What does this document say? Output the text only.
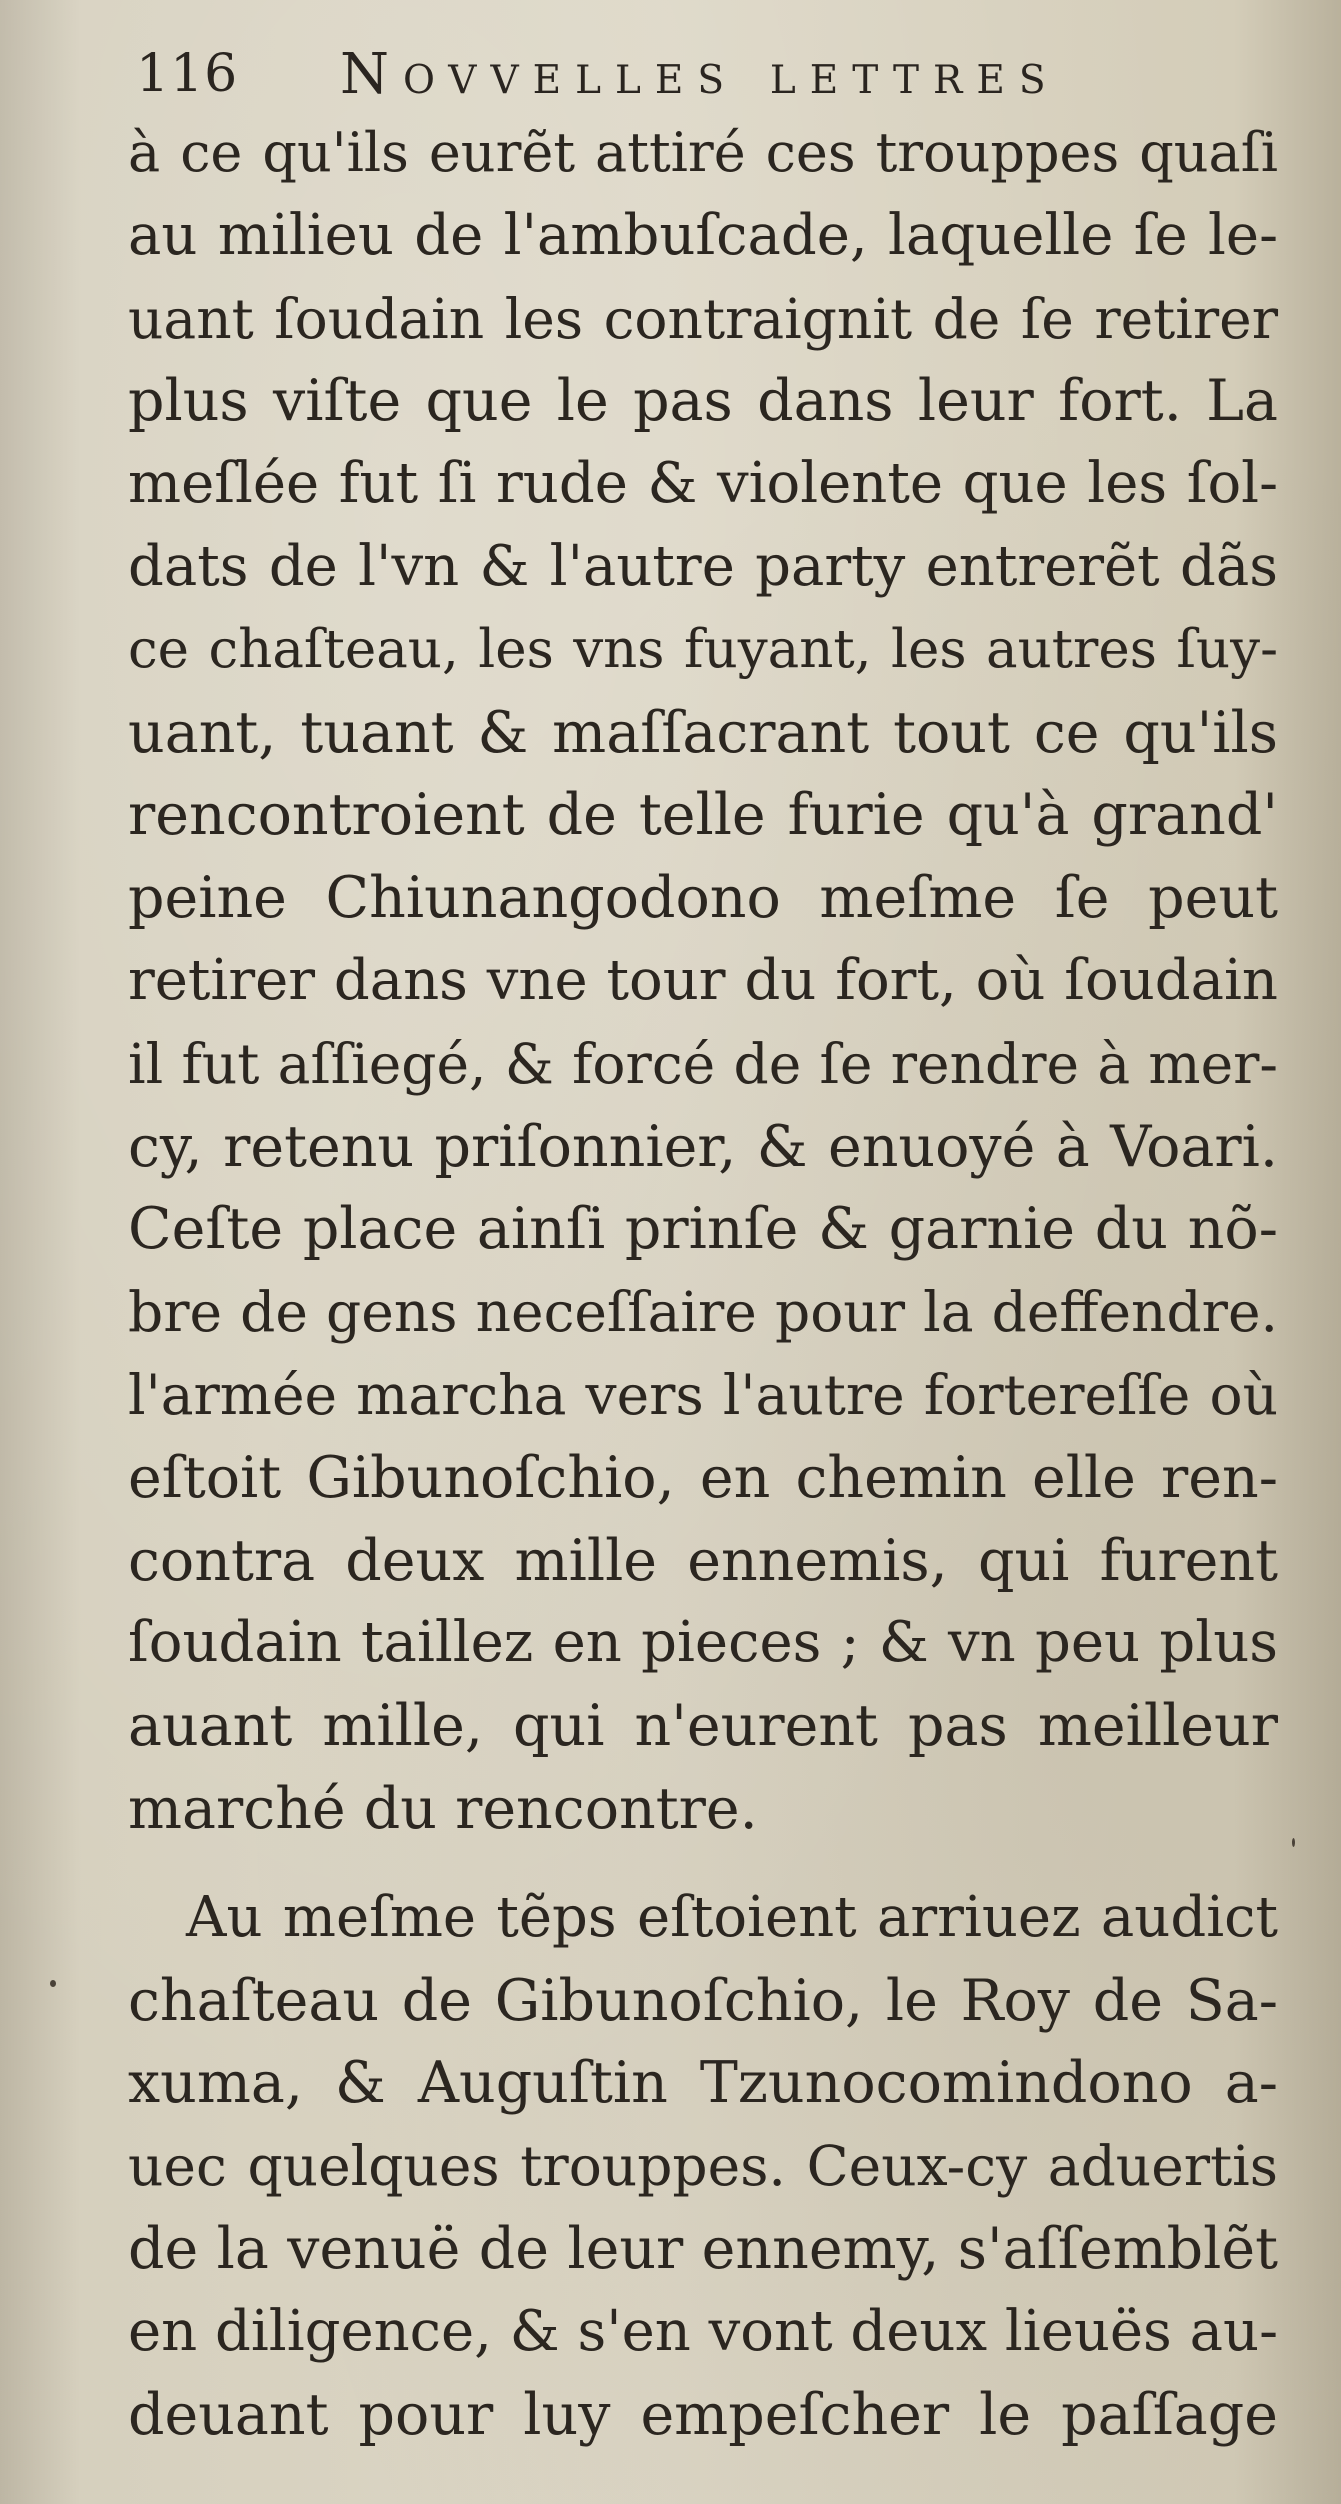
116 Novvelles lettres
à ce qu'ils eurẽt attiré ces trouppes quaſi
au milieu de l'ambuſcade, laquelle ſe le-
uant ſoudain les contraignit de ſe retirer
plus viſte que le pas dans leur fort. La
meſlée fut ſi rude & violente que les ſol-
dats de l'vn & l'autre party entrerẽt dãs
ce chaſteau, les vns fuyant, les autres ſuy-
uant, tuant & maſſacrant tout ce qu'ils
rencontroient de telle furie qu'à grand'
peine Chiunangodono meſme ſe peut
retirer dans vne tour du fort, où ſoudain
il fut aſſiegé, & forcé de ſe rendre à mer-
cy, retenu priſonnier, & enuoyé à Voari.
Ceſte place ainſi prinſe & garnie du nõ-
bre de gens neceſſaire pour la deffendre.
l'armée marcha vers l'autre fortereſſe où
eſtoit Gibunoſchio, en chemin elle ren-
contra deux mille ennemis, qui furent
ſoudain taillez en pieces ; & vn peu plus
auant mille, qui n'eurent pas meilleur
marché du rencontre.
Au meſme tẽps eſtoient arriuez audict
chaſteau de Gibunoſchio, le Roy de Sa-
xuma, & Auguſtin Tzunocomindono a-
uec quelques trouppes. Ceux-cy aduertis
de la venuë de leur ennemy, s'aſſemblẽt
en diligence, & s'en vont deux lieuës au-
deuant pour luy empeſcher le paſſage
